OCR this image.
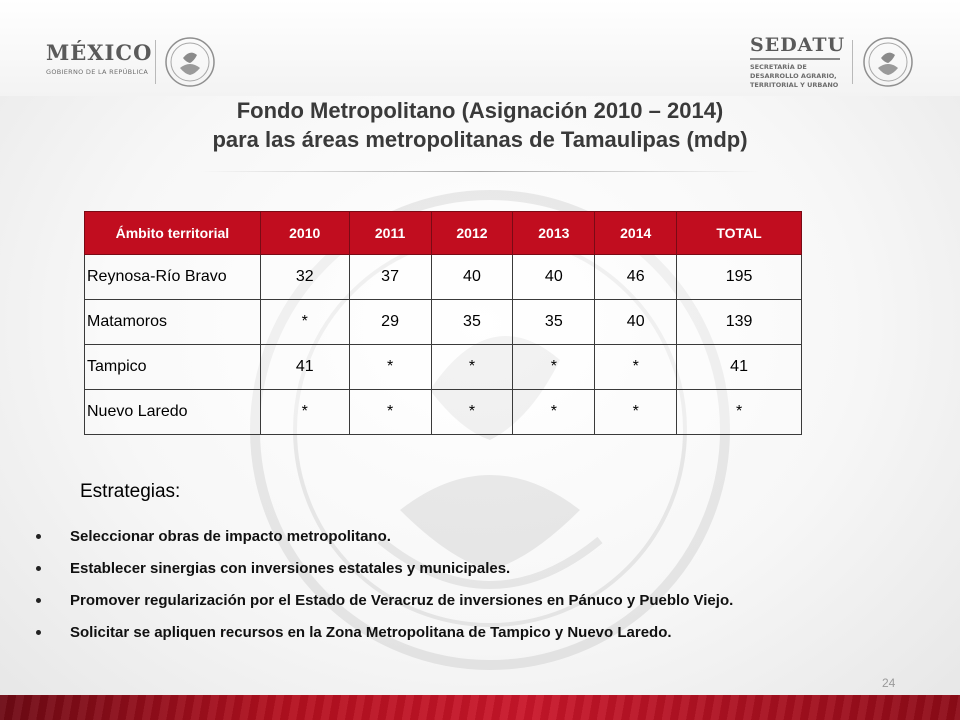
MÉXICO
GOBIERNO DE LA REPÚBLICA
SEDATU
SECRETARÍA DE
DESARROLLO AGRARIO,
TERRITORIAL Y URBANO
Fondo Metropolitano (Asignación 2010 – 2014)
para las áreas metropolitanas de Tamaulipas (mdp)
Ámbito territorial	2010	2011	2012	2013	2014	TOTAL
Reynosa-Río Bravo	32	37	40	40	46	195
Matamoros	*	29	35	35	40	139
Tampico	41	*	*	*	*	41
Nuevo Laredo	*	*	*	*	*	*
Estrategias:
Seleccionar obras de impacto metropolitano.
Establecer sinergias con inversiones estatales y municipales.
Promover regularización por el Estado de Veracruz de inversiones en Pánuco y Pueblo Viejo.
Solicitar se apliquen recursos en la Zona Metropolitana de Tampico y Nuevo Laredo.
24
